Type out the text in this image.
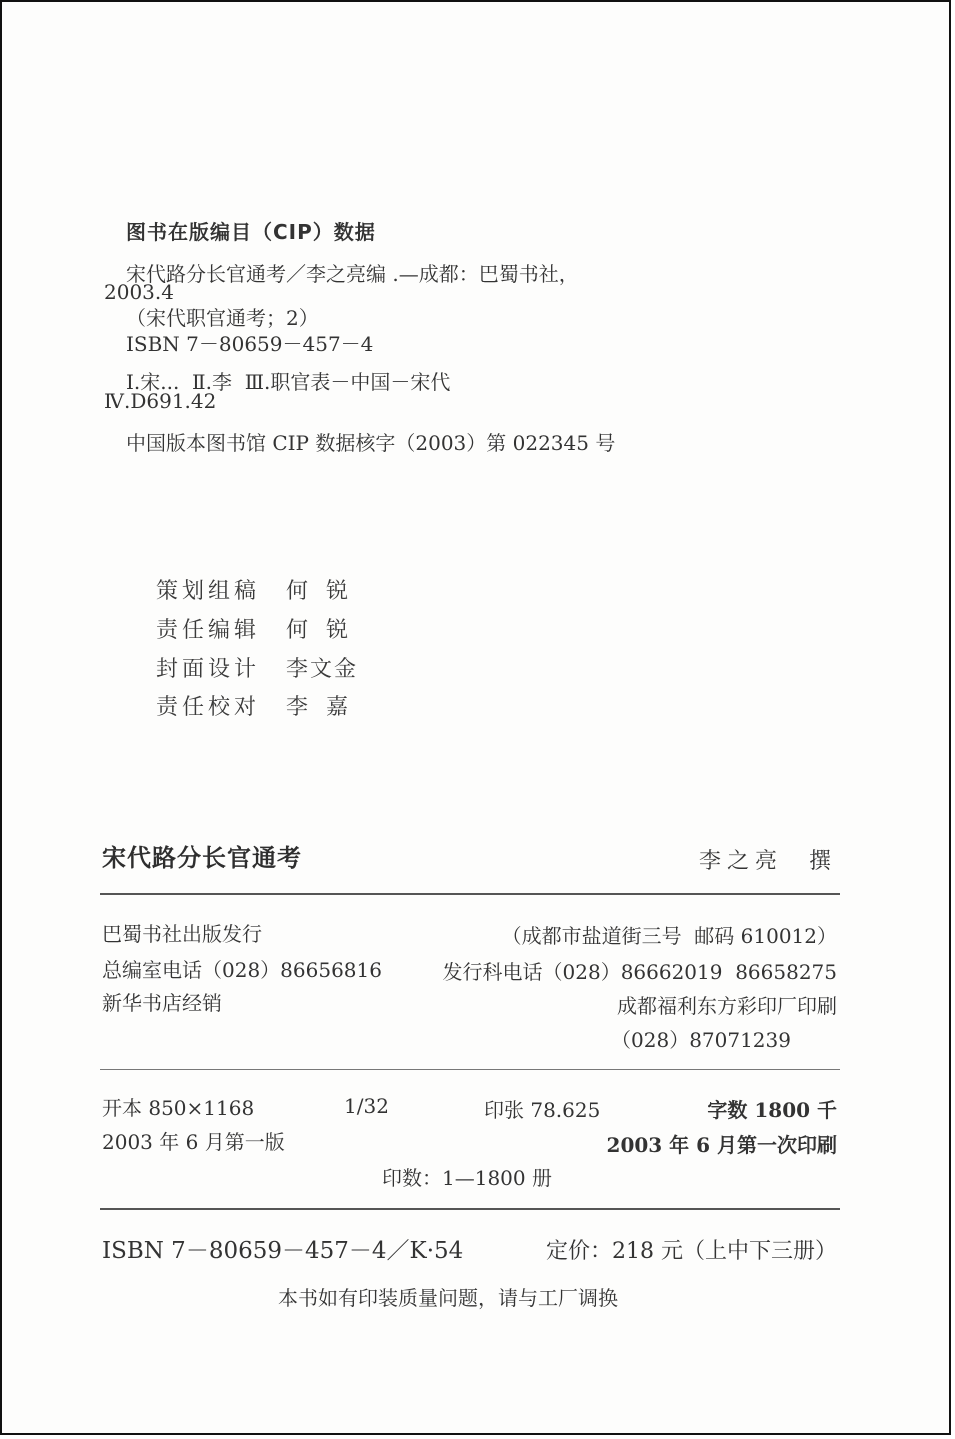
图书在版编目（CIP）数据
宋代路分长官通考／李之亮编 .—成都：巴蜀书社，
2003.4
（宋代职官通考；2）
ISBN 7－80659－457－4
Ⅰ.宋...  Ⅱ.李  Ⅲ.职官表－中国－宋代
Ⅳ.D691.42
中国版本图书馆 CIP 数据核字（2003）第 022345 号
策划组稿 何锐
责任编辑 何锐
封面设计 李文金
责任校对 李嘉
宋代路分长官通考	李之亮  撰
巴蜀书社出版发行	（成都市盐道街三号  邮码 610012）
总编室电话（028）86656816	发行科电话（028）86662019  86658275
新华书店经销	成都福利东方彩印厂印刷
（028）87071239
开本 850×1168	1/32	印张 78.625	字数 1800 千
2003 年 6 月第一版	2003 年 6 月第一次印刷
印数：1—1800 册
ISBN 7－80659－457－4／K·54	定价：218 元（上中下三册）
本书如有印装质量问题，请与工厂调换
